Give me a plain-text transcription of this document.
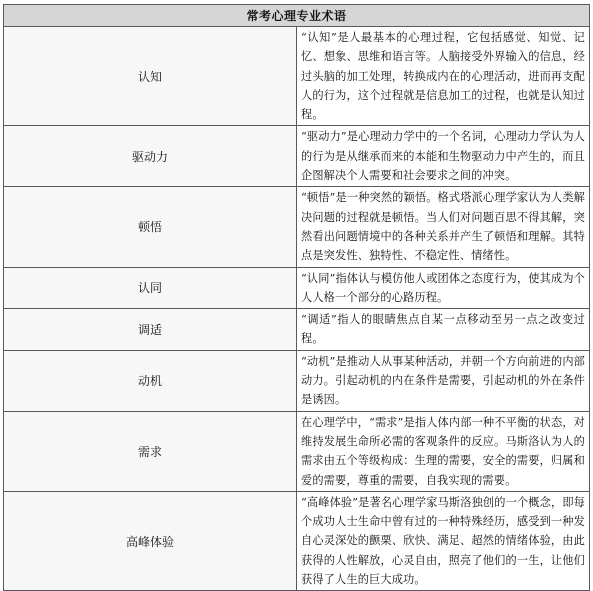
常考心理专业术语	
认知	“认知”是人最基本的心理过程，它包括感觉、知觉、记忆、想象、思维和语言等。人脑接受外界输入的信息，经过头脑的加工处理，转换成内在的心理活动，进而再支配人的行为，这个过程就是信息加工的过程，也就是认知过程。
驱动力	“驱动力”是心理动力学中的一个名词，心理动力学认为人的行为是从继承而来的本能和生物驱动力中产生的，而且企图解决个人需要和社会要求之间的冲突。
顿悟	“顿悟”是一种突然的颖悟。格式塔派心理学家认为人类解决问题的过程就是顿悟。当人们对问题百思不得其解，突然看出问题情境中的各种关系并产生了顿悟和理解。其特点是突发性、独特性、不稳定性、情绪性。
认同	“认同”指体认与模仿他人或团体之态度行为，使其成为个人人格一个部分的心路历程。
调适	“调适”指人的眼睛焦点自某一点移动至另一点之改变过程。
动机	“动机”是推动人从事某种活动，并朝一个方向前进的内部动力。引起动机的内在条件是需要，引起动机的外在条件是诱因。
需求	在心理学中，“需求”是指人体内部一种不平衡的状态，对维持发展生命所必需的客观条件的反应。马斯洛认为人的需求由五个等级构成：生理的需要，安全的需要，归属和爱的需要，尊重的需要，自我实现的需要。
高峰体验	“高峰体验”是著名心理学家马斯洛独创的一个概念，即每个成功人士生命中曾有过的一种特殊经历，感受到一种发自心灵深处的颤栗、欣快、满足、超然的情绪体验，由此获得的人性解放，心灵自由，照亮了他们的一生，让他们获得了人生的巨大成功。
